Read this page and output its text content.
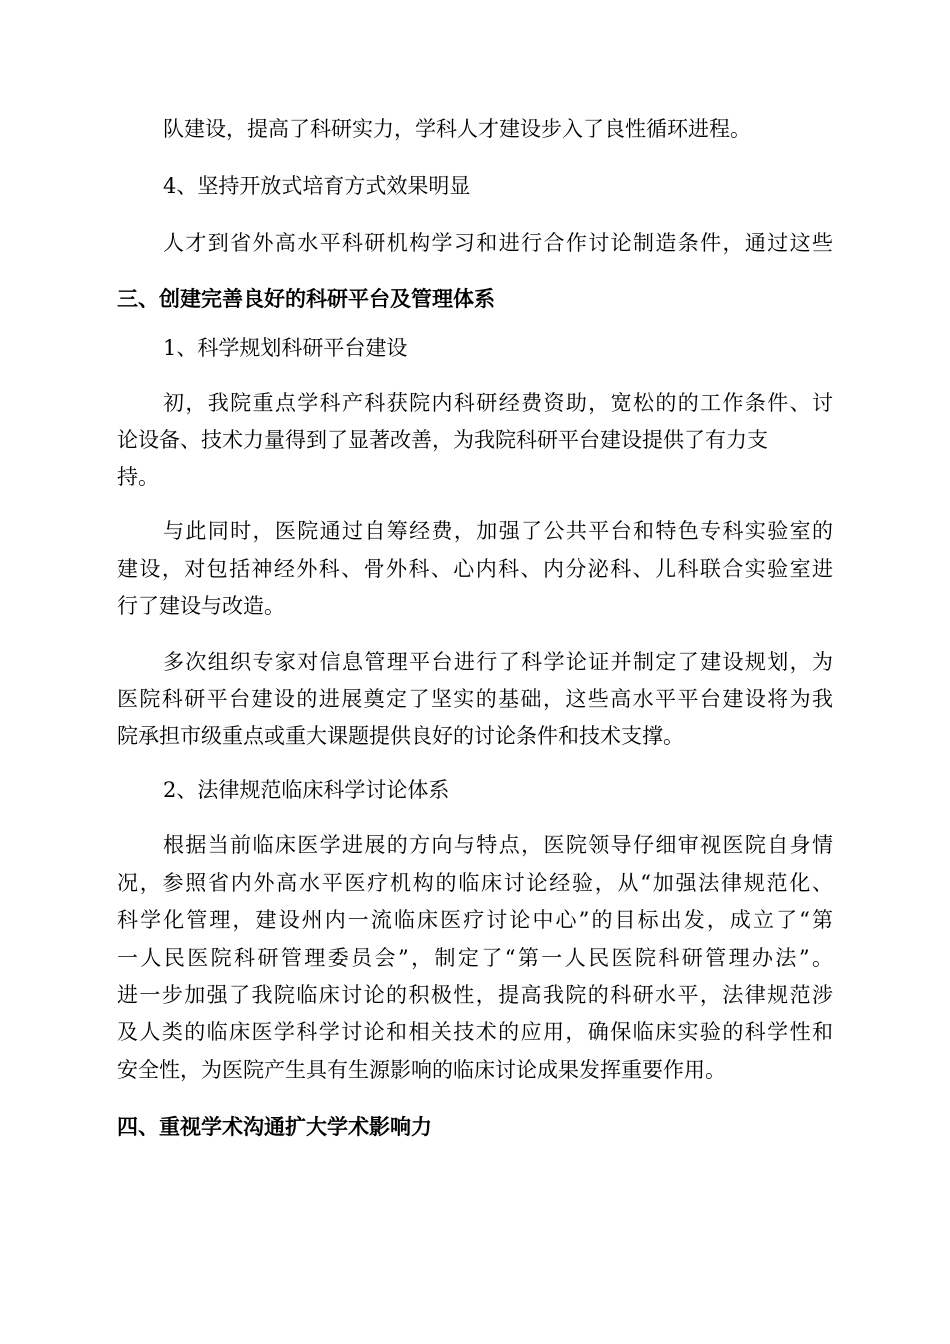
队建设，提高了科研实力，学科人才建设步入了良性循环进程。
4、坚持开放式培育方式效果明显
人才到省外高水平科研机构学习和进行合作讨论制造条件，通过这些
三、创建完善良好的科研平台及管理体系
1、科学规划科研平台建设
初，我院重点学科产科获院内科研经费资助，宽松的的工作条件、讨
论设备、技术力量得到了显著改善，为我院科研平台建设提供了有力支
持。
与此同时，医院通过自筹经费，加强了公共平台和特色专科实验室的
建设，对包括神经外科、骨外科、心内科、内分泌科、儿科联合实验室进
行了建设与改造。
多次组织专家对信息管理平台进行了科学论证并制定了建设规划，为
医院科研平台建设的进展奠定了坚实的基础，这些高水平平台建设将为我
院承担市级重点或重大课题提供良好的讨论条件和技术支撑。
2、法律规范临床科学讨论体系
根据当前临床医学进展的方向与特点，医院领导仔细审视医院自身情
况，参照省内外高水平医疗机构的临床讨论经验，从“加强法律规范化、
科学化管理，建设州内一流临床医疗讨论中心”的目标出发，成立了“第
一人民医院科研管理委员会”，制定了“第一人民医院科研管理办法”。
进一步加强了我院临床讨论的积极性，提高我院的科研水平，法律规范涉
及人类的临床医学科学讨论和相关技术的应用，确保临床实验的科学性和
安全性，为医院产生具有生源影响的临床讨论成果发挥重要作用。
四、重视学术沟通扩大学术影响力
